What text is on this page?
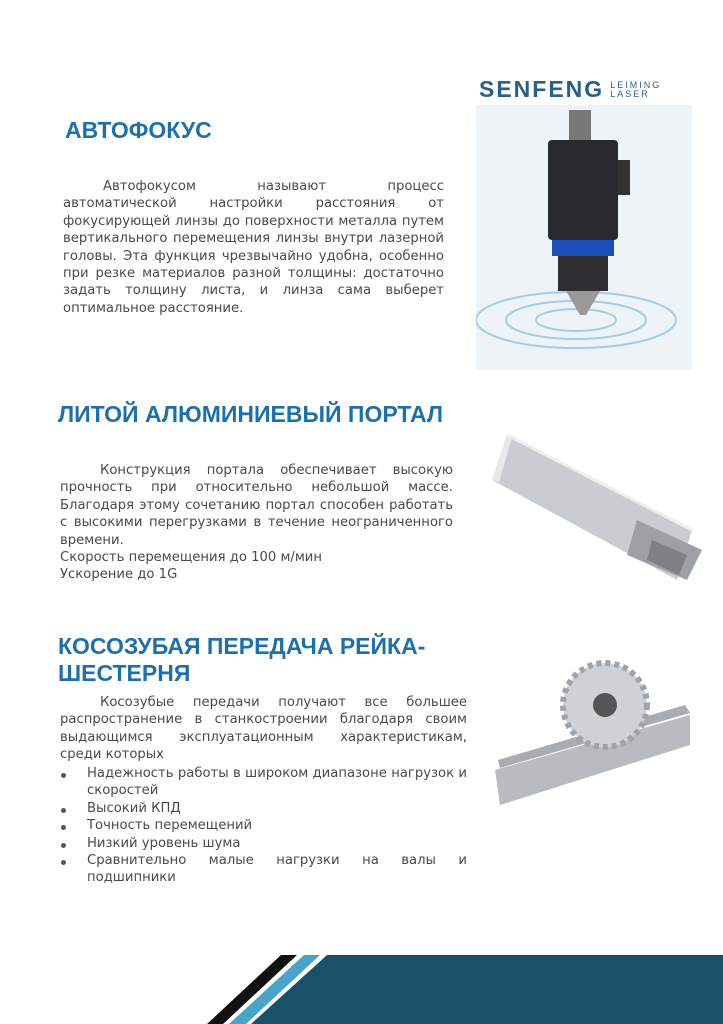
SENFENG LEIMING
LASER
АВТОФОКУС

Автофокусом называют процесс автоматической настройки расстояния от фокусирующей линзы до поверхности металла путем вертикального перемещения линзы внутри лазерной головы. Эта функция чрезвычайно удобна, особенно при резке материалов разной толщины: достаточно задать толщину листа, и линза сама выберет оптимальное расстояние.

ЛИТОЙ АЛЮМИНИЕВЫЙ ПОРТАЛ

Конструкция портала обеспечивает высокую прочность при относительно небольшой массе. Благодаря этому сочетанию портал способен работать с высокими перегрузками в течение неограниченного времени.
Скорость перемещения до 100 м/мин
Ускорение до 1G

КОСОЗУБАЯ ПЕРЕДАЧА РЕЙКА-ШЕСТЕРНЯ

Косозубые передачи получают все большее распространение в станкостроении благодаря своим выдающимся эксплуатационным характеристикам, среди которых

Надежность работы в широком диапазоне нагрузок и скоростей
Высокий КПД
Точность перемещений
Низкий уровень шума
Сравнительно малые нагрузки на валы и подшипники
